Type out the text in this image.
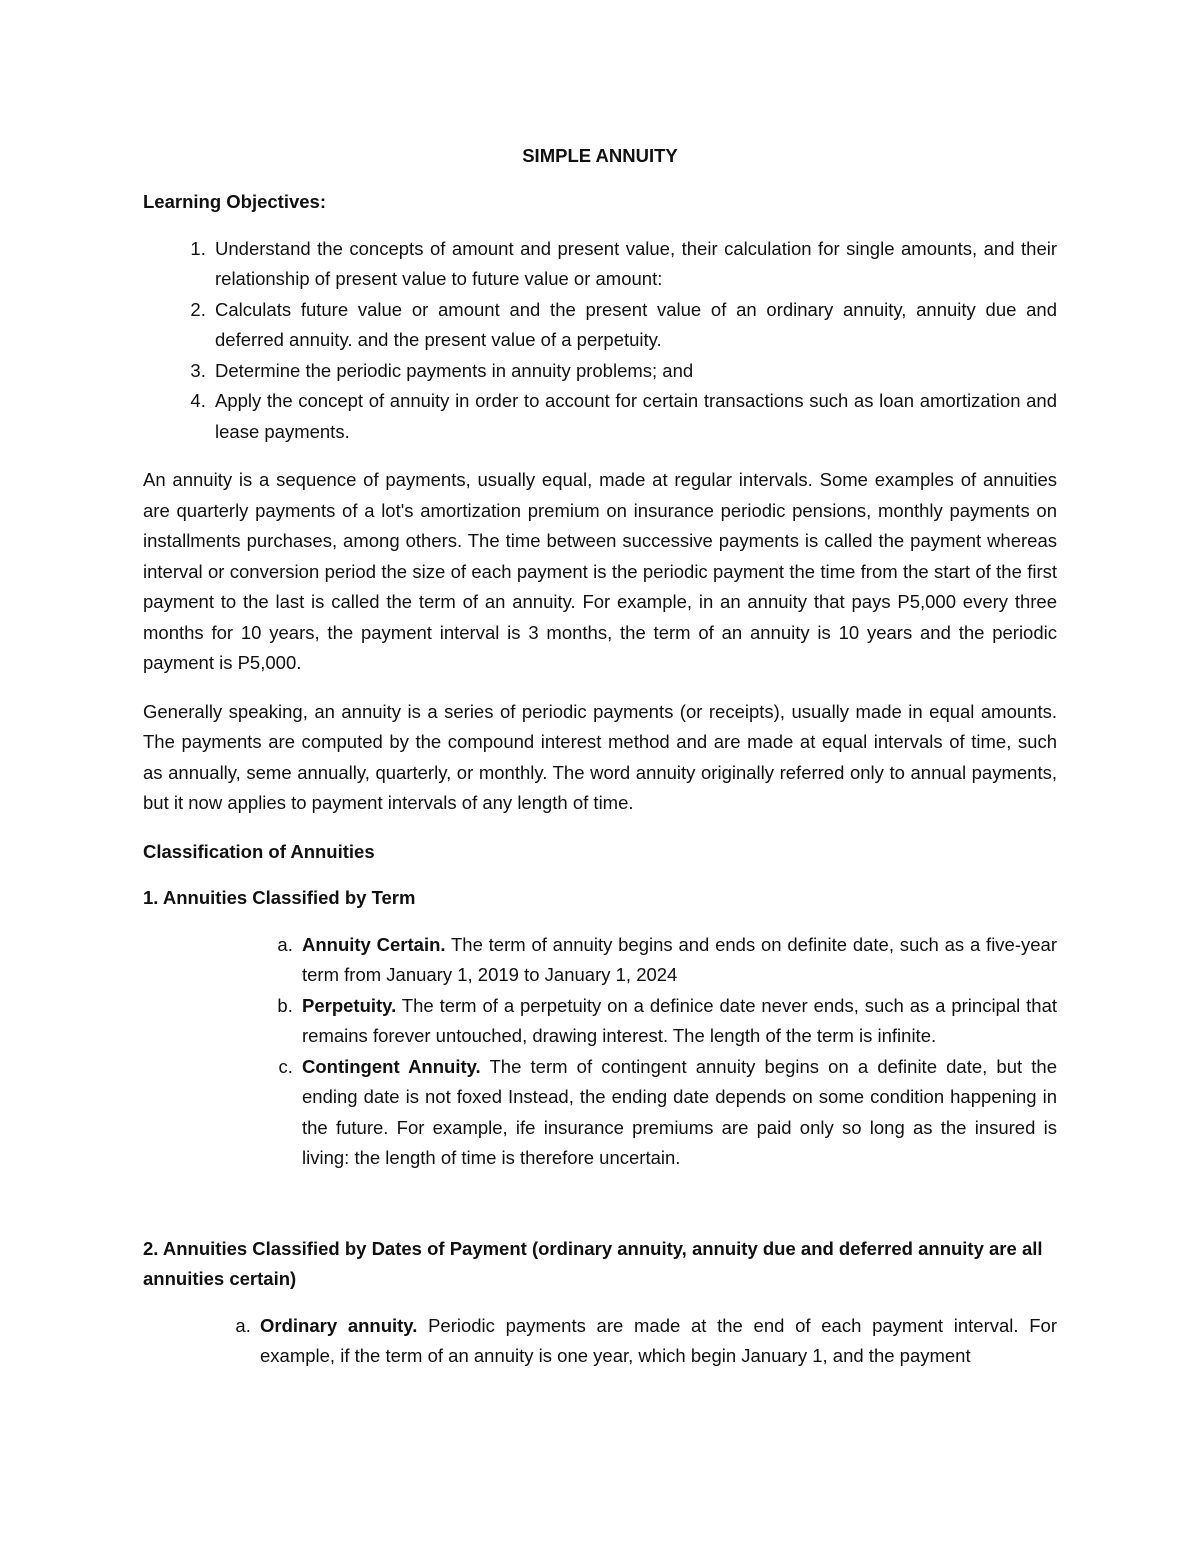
SIMPLE ANNUITY
Learning Objectives:
1. Understand the concepts of amount and present value, their calculation for single amounts, and their relationship of present value to future value or amount:
2. Calculats future value or amount and the present value of an ordinary annuity, annuity due and deferred annuity. and the present value of a perpetuity.
3. Determine the periodic payments in annuity problems; and
4. Apply the concept of annuity in order to account for certain transactions such as loan amortization and lease payments.

An annuity is a sequence of payments, usually equal, made at regular intervals. Some examples of annuities are quarterly payments of a lot's amortization premium on insurance periodic pensions, monthly payments on installments purchases, among others. The time between successive payments is called the payment whereas interval or conversion period the size of each payment is the periodic payment the time from the start of the first payment to the last is called the term of an annuity. For example, in an annuity that pays P5,000 every three months for 10 years, the payment interval is 3 months, the term of an annuity is 10 years and the periodic payment is P5,000.

Generally speaking, an annuity is a series of periodic payments (or receipts), usually made in equal amounts. The payments are computed by the compound interest method and are made at equal intervals of time, such as annually, seme annually, quarterly, or monthly. The word annuity originally referred only to annual payments, but it now applies to payment intervals of any length of time.

Classification of Annuities
1. Annuities Classified by Term
a. Annuity Certain. The term of annuity begins and ends on definite date, such as a five-year term from January 1, 2019 to January 1, 2024
b. Perpetuity. The term of a perpetuity on a definice date never ends, such as a principal that remains forever untouched, drawing interest. The length of the term is infinite.
c. Contingent Annuity. The term of contingent annuity begins on a definite date, but the ending date is not foxed Instead, the ending date depends on some condition happening in the future. For example, ife insurance premiums are paid only so long as the insured is living: the length of time is therefore uncertain.
2. Annuities Classified by Dates of Payment (ordinary annuity, annuity due and deferred annuity are all annuities certain)
a. Ordinary annuity. Periodic payments are made at the end of each payment interval. For example, if the term of an annuity is one year, which begin January 1, and the payment
